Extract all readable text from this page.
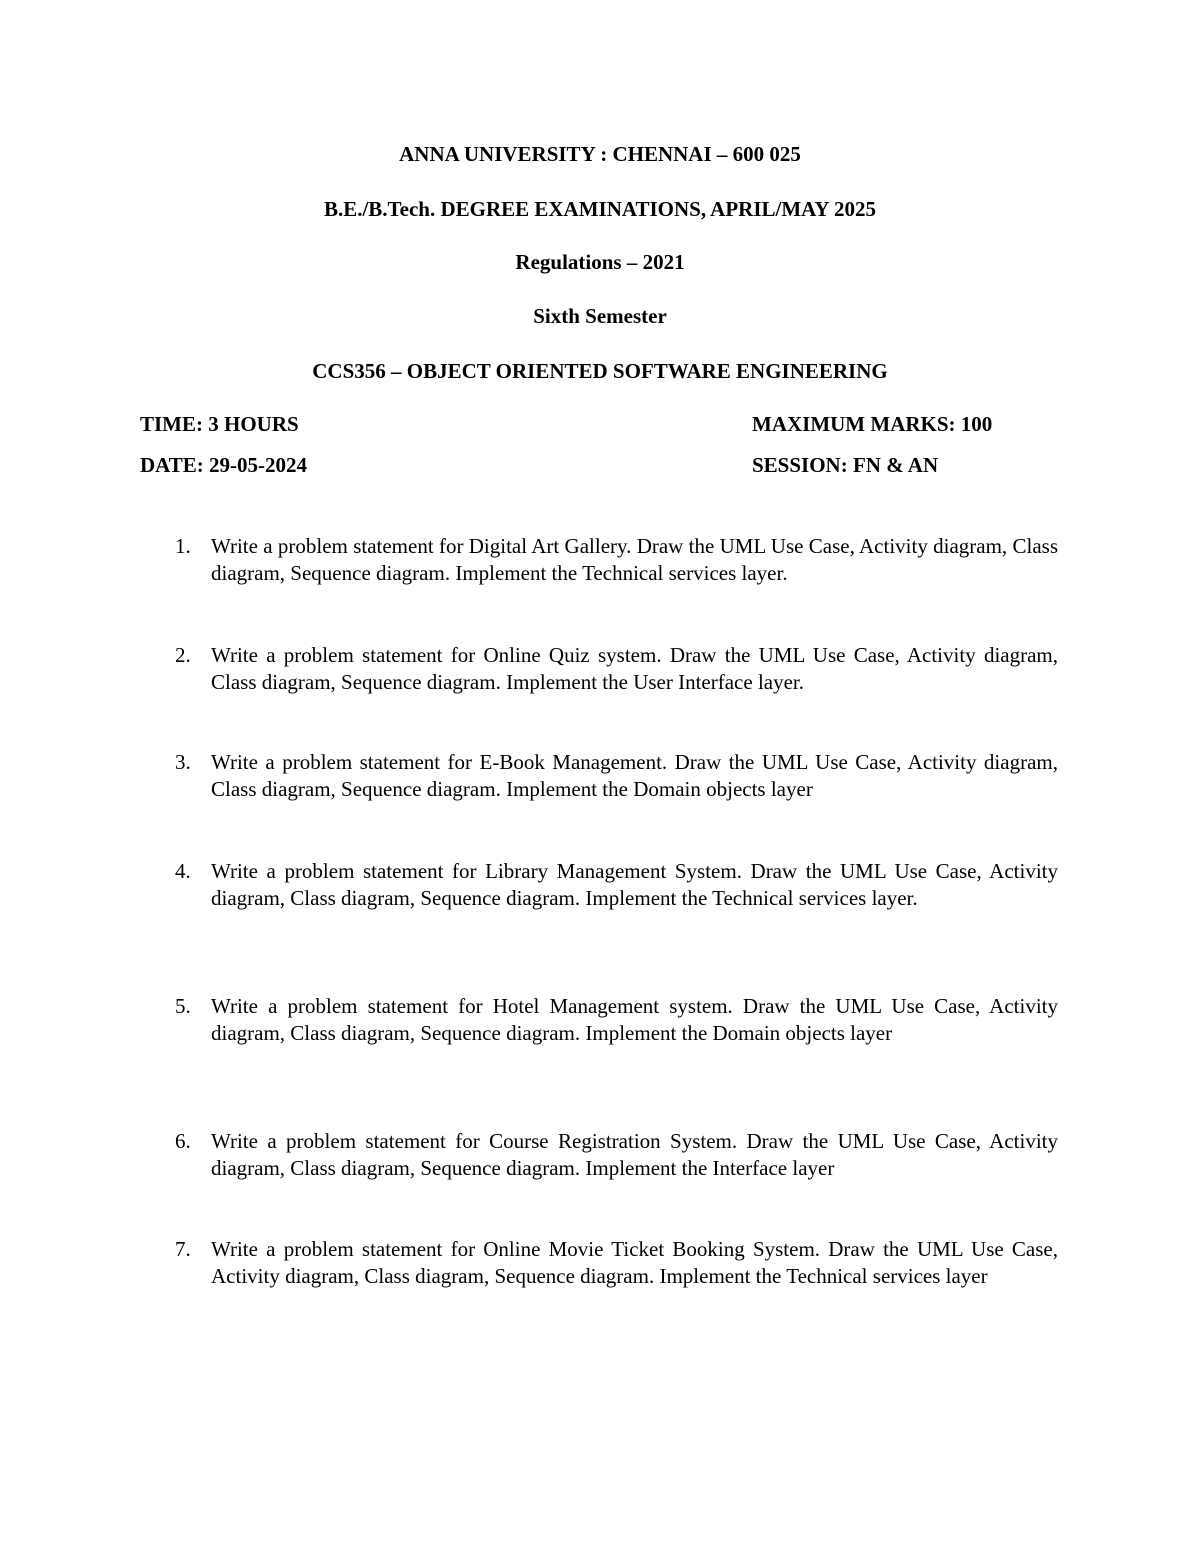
ANNA UNIVERSITY : CHENNAI – 600 025
B.E./B.Tech. DEGREE EXAMINATIONS, APRIL/MAY 2025
Regulations – 2021
Sixth Semester
CCS356 – OBJECT ORIENTED SOFTWARE ENGINEERING
TIME: 3 HOURS	MAXIMUM MARKS: 100
DATE: 29-05-2024	SESSION: FN & AN
1. Write a problem statement for Digital Art Gallery. Draw the UML Use Case, Activity diagram, Class diagram, Sequence diagram. Implement the Technical services layer.
2. Write a problem statement for Online Quiz system. Draw the UML Use Case, Activity diagram, Class diagram, Sequence diagram. Implement the User Interface layer.
3. Write a problem statement for E-Book Management. Draw the UML Use Case, Activity diagram, Class diagram, Sequence diagram. Implement the Domain objects layer
4. Write a problem statement for Library Management System. Draw the UML Use Case, Activity diagram, Class diagram, Sequence diagram. Implement the Technical services layer.
5. Write a problem statement for Hotel Management system. Draw the UML Use Case, Activity diagram, Class diagram, Sequence diagram. Implement the Domain objects layer
6. Write a problem statement for Course Registration System. Draw the UML Use Case, Activity diagram, Class diagram, Sequence diagram. Implement the Interface layer
7. Write a problem statement for Online Movie Ticket Booking System. Draw the UML Use Case, Activity diagram, Class diagram, Sequence diagram. Implement the Technical services layer
